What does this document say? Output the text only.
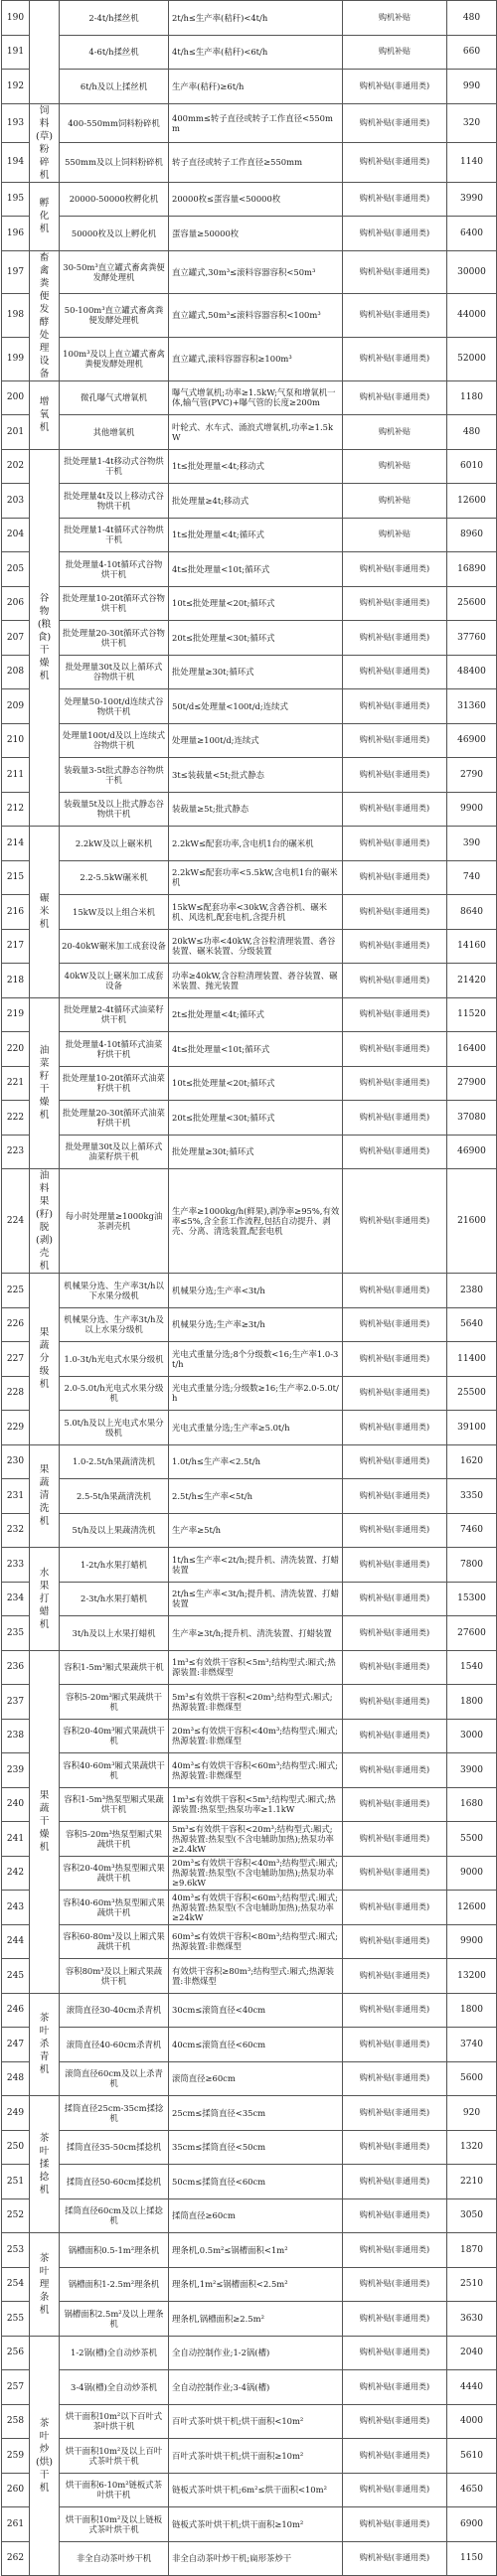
190		2-4t/h揉丝机	2t/h≤生产率(秸秆)<4t/h	购机补贴	480
191		4-6t/h揉丝机	4t/h≤生产率(秸秆)<6t/h	购机补贴	660
192		6t/h及以上揉丝机	生产率(秸秆)≥6t/h	购机补贴(非通用类)	990
193	饲料(草)粉碎机	400-550mm饲料粉碎机	400mm≤转子直径或转子工作直径<550mm	购机补贴(非通用类)	320
194		550mm及以上饲料粉碎机	转子直径或转子工作直径≥550mm	购机补贴(非通用类)	1140
195	孵化机	20000-50000枚孵化机	20000枚≤蛋容量<50000枚	购机补贴(非通用类)	3990
196		50000枚及以上孵化机	蛋容量≥50000枚	购机补贴(非通用类)	6400
197	畜禽粪便发酵处理设备	30-50m³直立罐式畜禽粪便发酵处理机	直立罐式,30m³≤滚料容器容积<50m³	购机补贴(非通用类)	30000
198		50-100m³直立罐式畜禽粪便发酵处理机	直立罐式,50m³≤滚料容器容积<100m³	购机补贴(非通用类)	44000
199		100m³及以上直立罐式畜禽粪便发酵处理机	直立罐式,滚料容器容积≥100m³	购机补贴(非通用类)	52000
200	增氧机	微孔曝气式增氧机	曝气式增氧机;功率≥1.5kW;气泵和增氧机一体,输气管(PVC)+曝气管的长度≥200m	购机补贴(非通用类)	1180
201		其他增氧机	叶轮式、水车式、涌浪式增氧机,功率≥1.5kW	购机补贴	480
202	谷物(粮食)干燥机	批处理量1-4t移动式谷物烘干机	1t≤批处理量<4t;移动式	购机补贴	6010
203		批处理量4t及以上移动式谷物烘干机	批处理量≥4t;移动式	购机补贴	12600
204		批处理量1-4t循环式谷物烘干机	1t≤批处理量<4t;循环式	购机补贴	8960
205		批处理量4-10t循环式谷物烘干机	4t≤批处理量<10t;循环式	购机补贴(非通用类)	16890
206		批处理量10-20t循环式谷物烘干机	10t≤批处理量<20t;循环式	购机补贴(非通用类)	25600
207		批处理量20-30t循环式谷物烘干机	20t≤批处理量<30t;循环式	购机补贴(非通用类)	37760
208		批处理量30t及以上循环式谷物烘干机	批处理量≥30t;循环式	购机补贴(非通用类)	48400
209		处理量50-100t/d连续式谷物烘干机	50t/d≤处理量<100t/d;连续式	购机补贴(非通用类)	31360
210		处理量100t/d及以上连续式谷物烘干机	处理量≥100t/d;连续式	购机补贴(非通用类)	46900
211		装载量3-5t批式静态谷物烘干机	3t≤装载量<5t;批式静态	购机补贴(非通用类)	2790
212		装载量5t及以上批式静态谷物烘干机	装载量≥5t;批式静态	购机补贴(非通用类)	9900
214	碾米机	2.2kW及以上碾米机	2.2kW≤配套功率,含电机1台的碾米机	购机补贴(非通用类)	390
215		2.2-5.5kW碾米机	2.2kW≤配套功率<5.5kW,含电机1台的碾米机	购机补贴(非通用类)	740
216		15kW及以上组合米机	15kW≤配套功率<30kW,含砻谷机、碾米机、风选机,配套电机,含提升机	购机补贴(非通用类)	8640
217		20-40kW碾米加工成套设备	20kW≤功率<40kW,含谷粒清理装置、砻谷装置、碾米装置、分级装置	购机补贴(非通用类)	14160
218		40kW及以上碾米加工成套设备	功率≥40kW,含谷粒清理装置、砻谷装置、碾米装置、抛光装置	购机补贴(非通用类)	21420
219	油菜籽干燥机	批处理量2-4t循环式油菜籽烘干机	2t≤批处理量<4t;循环式	购机补贴(非通用类)	11520
220		批处理量4-10t循环式油菜籽烘干机	4t≤批处理量<10t;循环式	购机补贴(非通用类)	16400
221		批处理量10-20t循环式油菜籽烘干机	10t≤批处理量<20t;循环式	购机补贴(非通用类)	27900
222		批处理量20-30t循环式油菜籽烘干机	20t≤批处理量<30t;循环式	购机补贴(非通用类)	37080
223		批处理量30t及以上循环式油菜籽烘干机	批处理量≥30t;循环式	购机补贴(非通用类)	46900
224	油料果(籽)脱(剥)壳机	每小时处理量≥1000kg油茶剥壳机	生产率≥1000kg/h(鲜果),剥净率≥95%,有效率≤5%,含全套工作流程,包括自动提升、剥壳、分离、清选装置,配套电机	购机补贴(非通用类)	21600
225	果蔬分级机	机械果分选、生产率3t/h以下水果分级机	机械果分选;生产率<3t/h	购机补贴(非通用类)	2380
226		机械果分选、生产率3t/h及以上水果分级机	机械果分选;生产率≥3t/h	购机补贴(非通用类)	5640
227		1.0-3t/h光电式水果分级机	光电式重量分选;8个分级数<16;生产率1.0-3t/h	购机补贴(非通用类)	11400
228		2.0-5.0t/h光电式水果分级机	光电式重量分选;分级数≥16;生产率2.0-5.0t/h	购机补贴(非通用类)	25500
229		5.0t/h及以上光电式水果分级机	光电式重量分选;生产率≥5.0t/h	购机补贴(非通用类)	39100
230	果蔬清洗机	1.0-2.5t/h果蔬清洗机	1.0t/h≤生产率<2.5t/h	购机补贴(非通用类)	1620
231		2.5-5t/h果蔬清洗机	2.5t/h≤生产率<5t/h	购机补贴(非通用类)	3350
232		5t/h及以上果蔬清洗机	生产率≥5t/h	购机补贴(非通用类)	7460
233	水果打蜡机	1-2t/h水果打蜡机	1t/h≤生产率<2t/h;提升机、清洗装置、打蜡装置	购机补贴(非通用类)	7800
234		2-3t/h水果打蜡机	2t/h≤生产率<3t/h;提升机、清洗装置、打蜡装置	购机补贴(非通用类)	15300
235		3t/h及以上水果打蜡机	生产率≥3t/h;提升机、清洗装置、打蜡装置	购机补贴(非通用类)	27600
236	果蔬干燥机	容积1-5m³厢式果蔬烘干机	1m³≤有效烘干容积<5m³;结构型式:厢式;热源装置:非燃煤型	购机补贴(非通用类)	1540
237		容积5-20m³厢式果蔬烘干机	5m³≤有效烘干容积<20m³;结构型式:厢式;热源装置:非燃煤型	购机补贴(非通用类)	1800
238		容积20-40m³厢式果蔬烘干机	20m³≤有效烘干容积<40m³;结构型式:厢式;热源装置:非燃煤型	购机补贴(非通用类)	3000
239		容积40-60m³厢式果蔬烘干机	40m³≤有效烘干容积<60m³;结构型式:厢式;热源装置:非燃煤型	购机补贴(非通用类)	3900
240		容积1-5m³热泵型厢式果蔬烘干机	1m³≤有效烘干容积<5m³;结构型式:厢式;热源装置:热泵型;热泵功率≥1.1kW	购机补贴(非通用类)	1680
241		容积5-20m³热泵型厢式果蔬烘干机	5m³≤有效烘干容积<20m³;结构型式:厢式;热源装置:热泵型(不含电辅助加热);热泵功率≥2.4kW	购机补贴(非通用类)	5500
242		容积20-40m³热泵型厢式果蔬烘干机	20m³≤有效烘干容积<40m³;结构型式:厢式;热源装置:热泵型(不含电辅助加热);热泵功率≥9.6kW	购机补贴(非通用类)	9000
243		容积40-60m³热泵型厢式果蔬烘干机	40m³≤有效烘干容积<60m³;结构型式:厢式;热源装置:热泵型(不含电辅助加热);热泵功率≥24kW	购机补贴(非通用类)	12600
244		容积60-80m³及以上厢式果蔬烘干机	60m³≤有效烘干容积<80m³;结构型式:厢式;热源装置:非燃煤型	购机补贴(非通用类)	9900
245		容积80m³及以上厢式果蔬烘干机	有效烘干容积≥80m³;结构型式:厢式;热源装置:非燃煤型	购机补贴(非通用类)	13200
246	茶叶杀青机	滚筒直径30-40cm杀青机	30cm≤滚筒直径<40cm	购机补贴(非通用类)	1800
247		滚筒直径40-60cm杀青机	40cm≤滚筒直径<60cm	购机补贴(非通用类)	3740
248		滚筒直径60cm及以上杀青机	滚筒直径≥60cm	购机补贴(非通用类)	5600
249	茶叶揉捻机	揉筒直径25cm-35cm揉捻机	25cm≤揉筒直径<35cm	购机补贴(非通用类)	920
250		揉筒直径35-50cm揉捻机	35cm≤揉筒直径<50cm	购机补贴(非通用类)	1320
251		揉筒直径50-60cm揉捻机	50cm≤揉筒直径<60cm	购机补贴(非通用类)	2210
252		揉筒直径60cm及以上揉捻机	揉筒直径≥60cm	购机补贴(非通用类)	3050
253	茶叶理条机	锅槽面积0.5-1m²理条机	理条机,0.5m²≤锅槽面积<1m²	购机补贴(非通用类)	1870
254		锅槽面积1-2.5m²理条机	理条机,1m²≤锅槽面积<2.5m²	购机补贴(非通用类)	2510
255		锅槽面积2.5m²及以上理条机	理条机,锅槽面积≥2.5m²	购机补贴(非通用类)	3630
256	茶叶炒(烘)干机	1-2锅(槽)全自动炒茶机	全自动控制作业;1-2锅(槽)	购机补贴(非通用类)	2040
257		3-4锅(槽)全自动炒茶机	全自动控制作业;3-4锅(槽)	购机补贴(非通用类)	4440
258		烘干面积10m²以下百叶式茶叶烘干机	百叶式茶叶烘干机;烘干面积<10m²	购机补贴(非通用类)	4000
259		烘干面积10m²及以上百叶式茶叶烘干机	百叶式茶叶烘干机;烘干面积≥10m²	购机补贴(非通用类)	5610
260		烘干面积6-10m²链板式茶叶烘干机	链板式茶叶烘干机;6m²≤烘干面积<10m²	购机补贴(非通用类)	4650
261		烘干面积10m²及以上链板式茶叶烘干机	链板式茶叶烘干机;烘干面积≥10m²	购机补贴(非通用类)	6900
262		非全自动茶叶炒干机	非全自动茶叶炒干机;扁形茶炒干	购机补贴(非通用类)	1150
